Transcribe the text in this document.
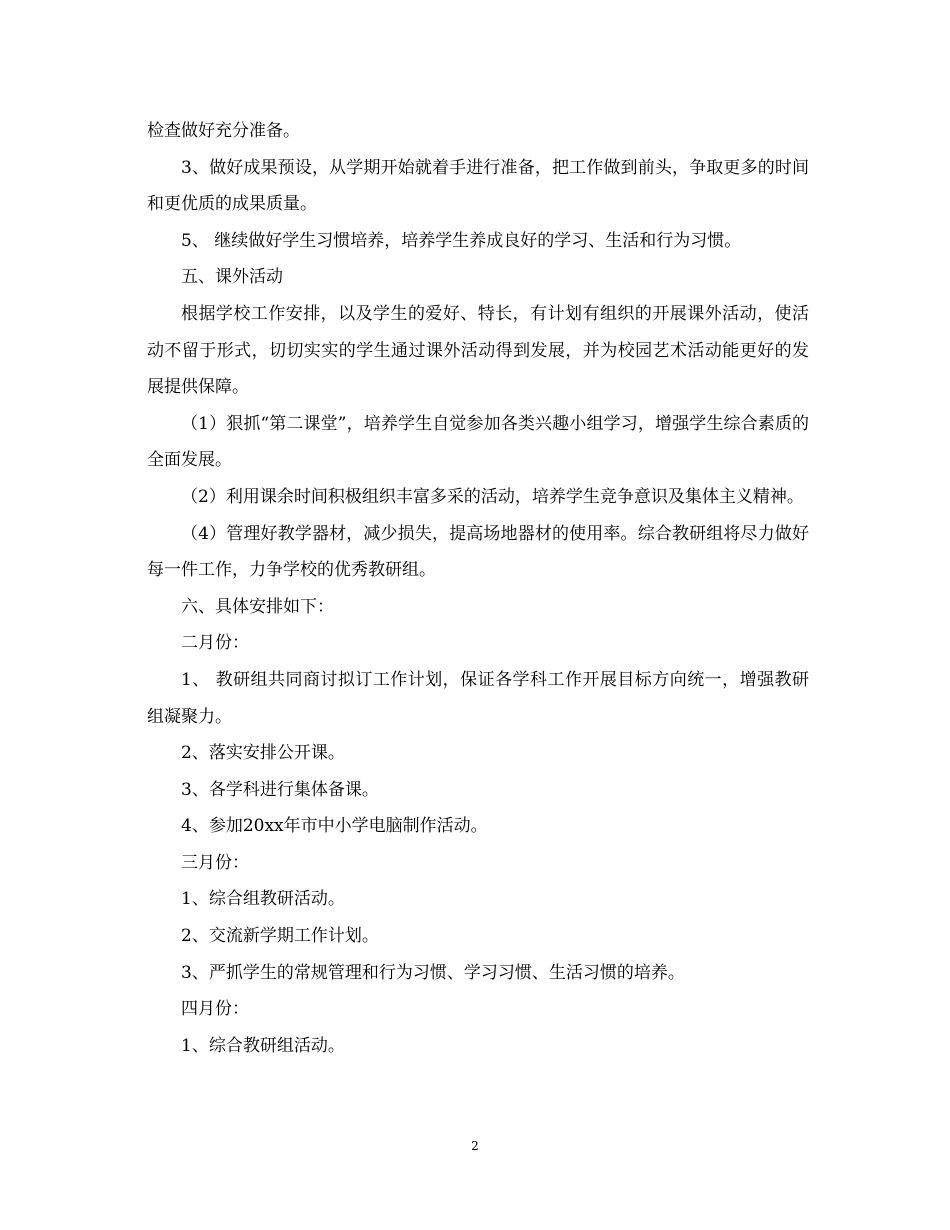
检查做好充分准备。

3、做好成果预设，从学期开始就着手进行准备，把工作做到前头，争取更多的时间和更优质的成果质量。

5、 继续做好学生习惯培养，培养学生养成良好的学习、生活和行为习惯。

五、课外活动

根据学校工作安排，以及学生的爱好、特长，有计划有组织的开展课外活动，使活动不留于形式，切切实实的学生通过课外活动得到发展，并为校园艺术活动能更好的发展提供保障。

（1）狠抓“第二课堂”，培养学生自觉参加各类兴趣小组学习，增强学生综合素质的全面发展。

（2）利用课余时间积极组织丰富多采的活动，培养学生竞争意识及集体主义精神。

（4）管理好教学器材，减少损失，提高场地器材的使用率。综合教研组将尽力做好每一件工作，力争学校的优秀教研组。

六、具体安排如下：

二月份：

1、 教研组共同商讨拟订工作计划，保证各学科工作开展目标方向统一，增强教研组凝聚力。

2、落实安排公开课。

3、各学科进行集体备课。

4、参加20xx年市中小学电脑制作活动。

三月份：

1、综合组教研活动。

2、交流新学期工作计划。

3、严抓学生的常规管理和行为习惯、学习习惯、生活习惯的培养。

四月份：

1、综合教研组活动。

2
